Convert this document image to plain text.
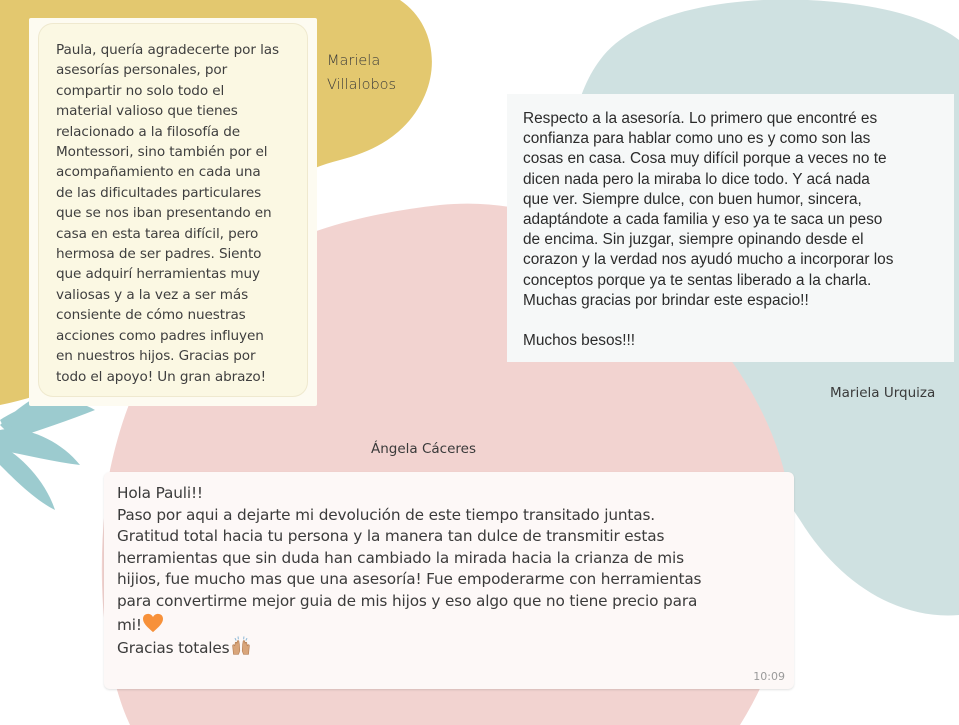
Paula, quería agradecerte por las
asesorías personales, por
compartir no solo todo el
material valioso que tienes
relacionado a la filosofía de
Montessori, sino también por el
acompañamiento en cada una
de las dificultades particulares
que se nos iban presentando en
casa en esta tarea difícil, pero
hermosa de ser padres. Siento
que adquirí herramientas muy
valiosas y a la vez a ser más
consiente de cómo nuestras
acciones como padres influyen
en nuestros hijos. Gracias por
todo el apoyo! Un gran abrazo!
Mariela
Villalobos
Respecto a la asesoría. Lo primero que encontré es
confianza para hablar como uno es y como son las
cosas en casa. Cosa muy difícil porque a veces no te
dicen nada pero la miraba lo dice todo. Y acá nada
que ver. Siempre dulce, con buen humor, sincera,
adaptándote a cada familia y eso ya te saca un peso
de encima. Sin juzgar, siempre opinando desde el
corazon y la verdad nos ayudó mucho a incorporar los
conceptos porque ya te sentas liberado a la charla.
Muchas gracias por brindar este espacio!!

Muchos besos!!!
Mariela Urquiza
Ángela Cáceres
Hola Pauli!!
Paso por aqui a dejarte mi devolución de este tiempo transitado juntas.
Gratitud total hacia tu persona y la manera tan dulce de transmitir estas
herramientas que sin duda han cambiado la mirada hacia la crianza de mis
hijios, fue mucho mas que una asesoría! Fue empoderarme con herramientas
para convertirme mejor guia de mis hijos y eso algo que no tiene precio para
mi!
Gracias totales
10:09
